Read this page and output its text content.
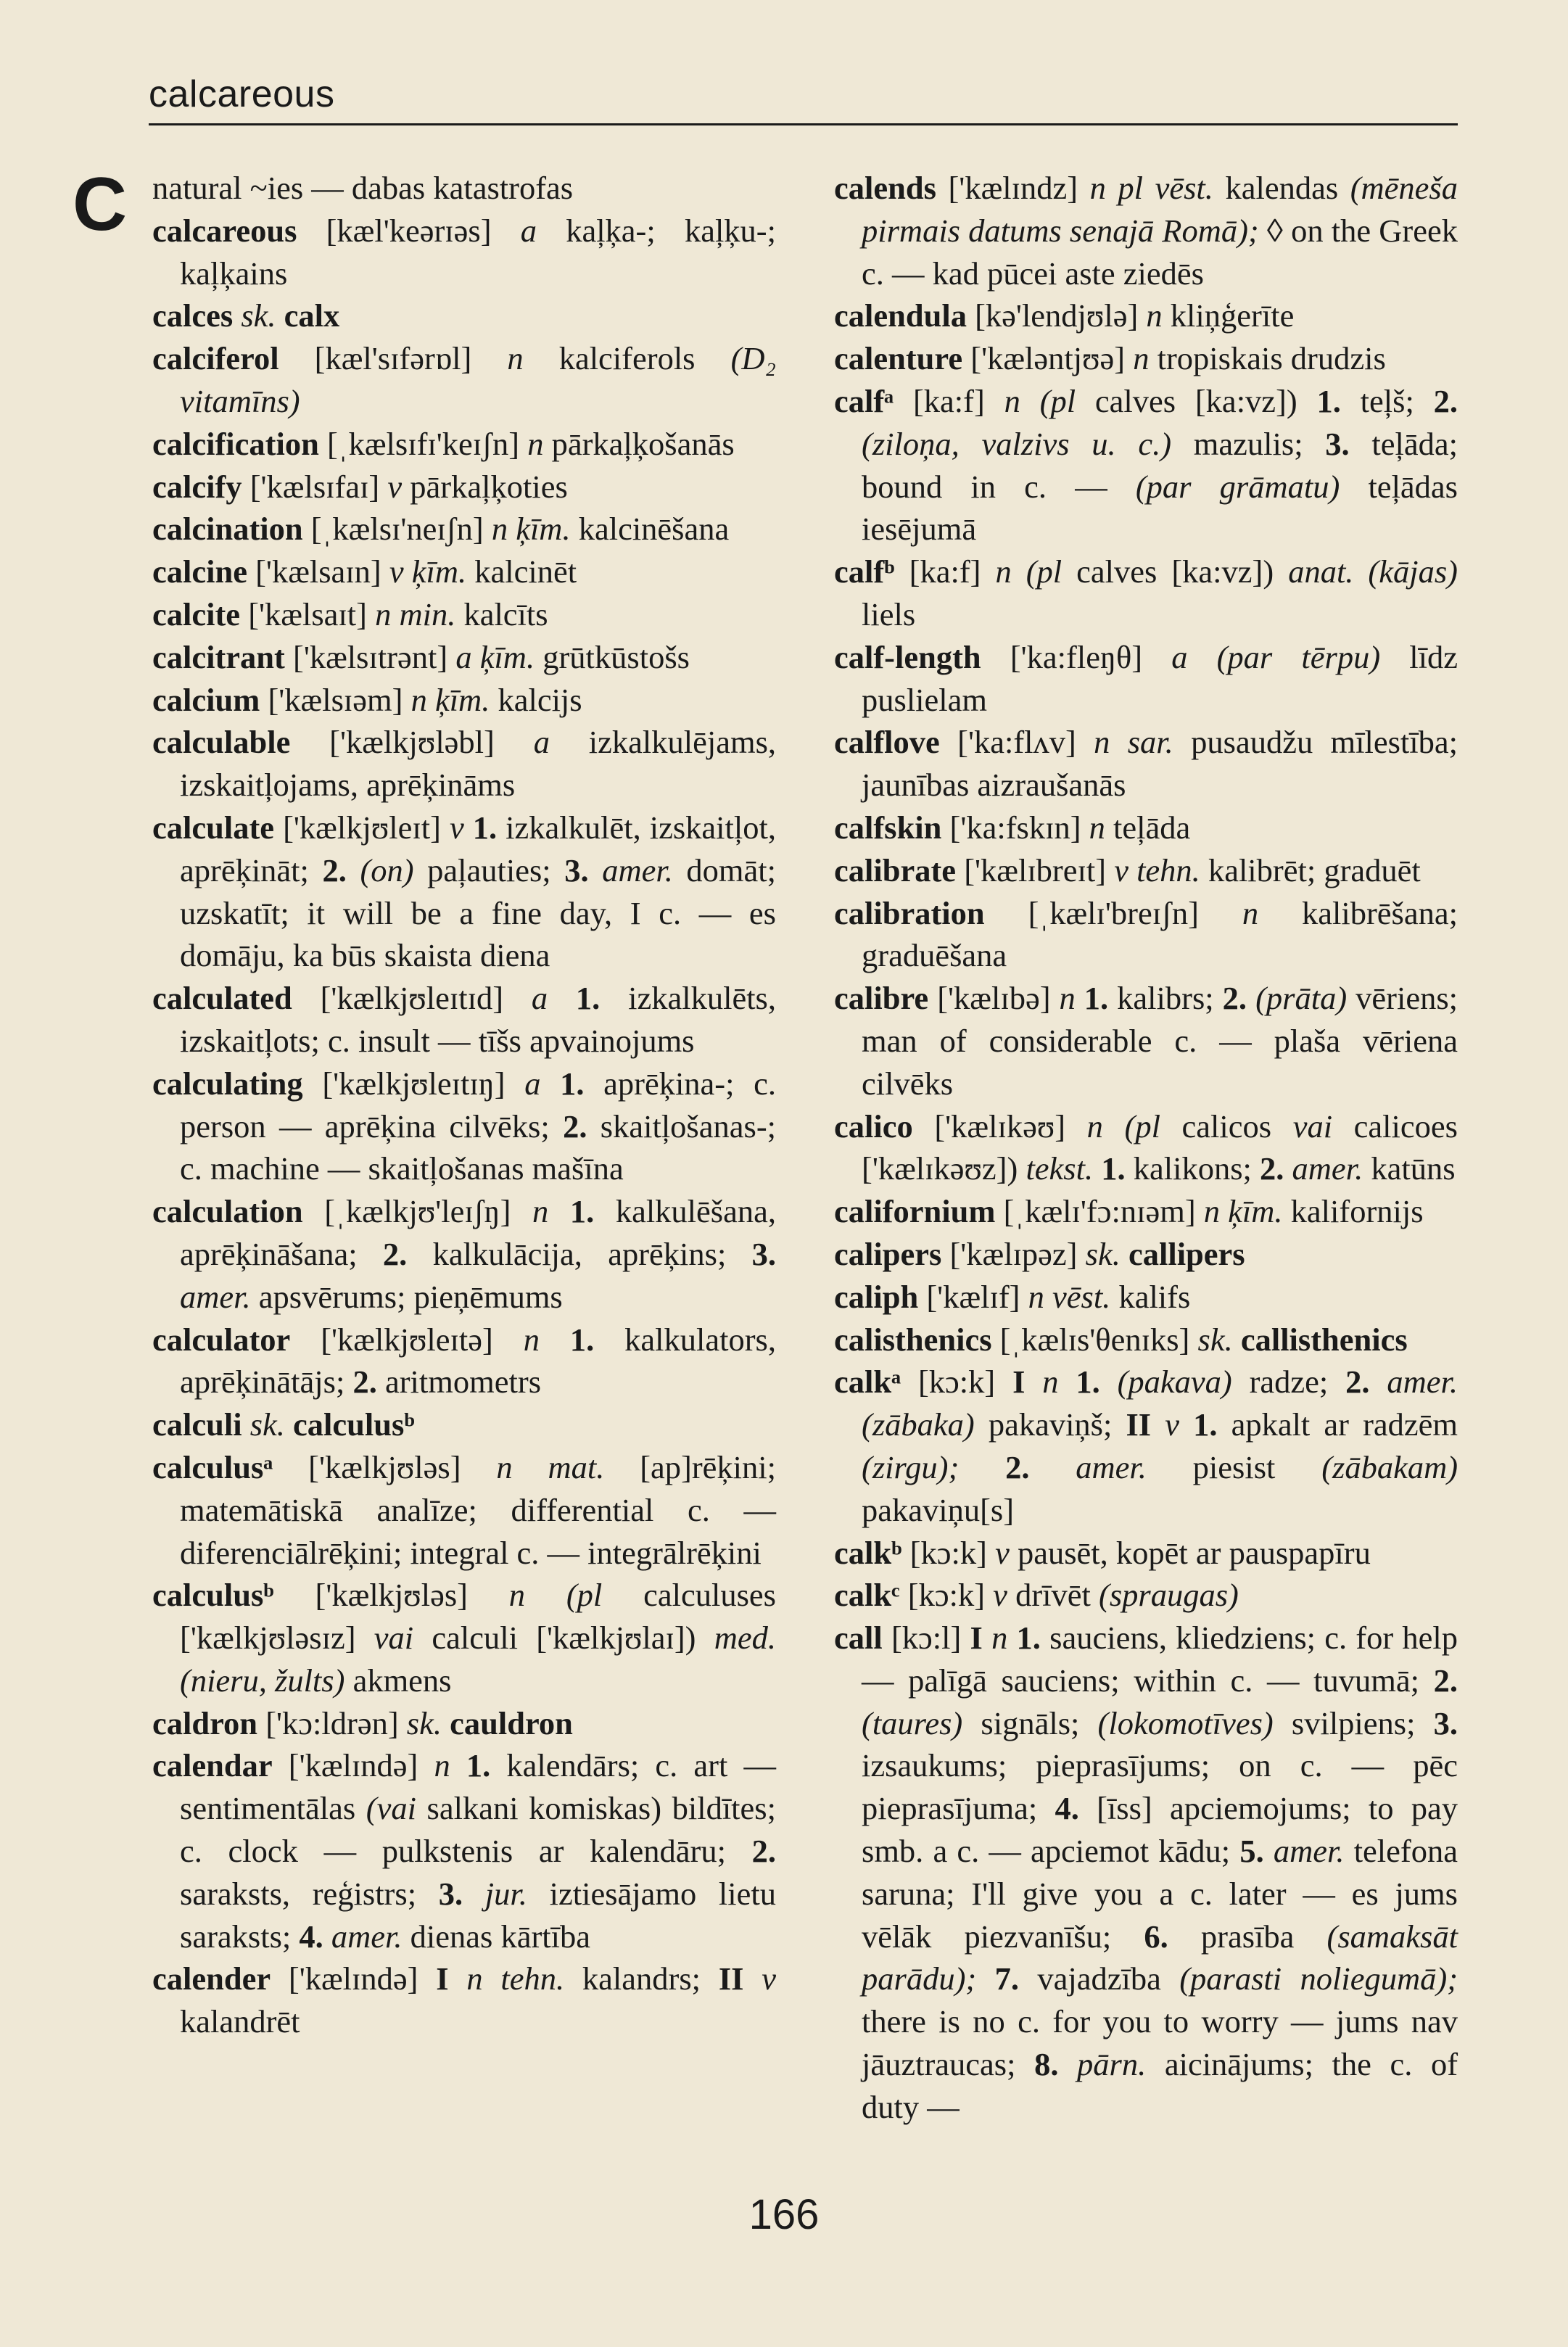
calcareous
C natural ~ies — dabas katastrofas

calcareous [kæl'keərɪəs] a kaļķa-; kaļķu-; kaļķains

calces sk. calx

calciferol [kæl'sɪfərɒl] n kalciferols (D₂ vitamīns)

calcification [ˌkælsɪfɪ'keɪʃn] n pārkaļķošanās

calcify ['kælsɪfaɪ] v pārkaļķoties

calcination [ˌkælsɪ'neɪʃn] n ķīm. kalcinēšana

calcine ['kælsaɪn] v ķīm. kalcinēt

calcite ['kælsaɪt] n min. kalcīts

calcitrant ['kælsɪtrənt] a ķīm. grūtkūstošs

calcium ['kælsɪəm] n ķīm. kalcijs

calculable ['kælkjʊləbl] a izkalkulējams, izskaitļojams, aprēķināms

calculate ['kælkjʊleɪt] v 1. izkalkulēt, izskaitļot, aprēķināt; 2. (on) paļauties; 3. amer. domāt; uzskatīt; it will be a fine day, I c. — es domāju, ka būs skaista diena

calculated ['kælkjʊleɪtɪd] a 1. izkalkulēts, izskaitļots; c. insult — tīšs apvainojums

calculating ['kælkjʊleɪtɪŋ] a 1. aprēķina-; c. person — aprēķina cilvēks; 2. skaitļošanas-; c. machine — skaitļošanas mašīna

calculation [ˌkælkjʊ'leɪʃŋ] n 1. kalkulēšana, aprēķināšana; 2. kalkulācija, aprēķins; 3. amer. apsvērums; pieņēmums

calculator ['kælkjʊleɪtə] n 1. kalkulators, aprēķinātājs; 2. aritmometrs

calculi sk. calculusᵇ

calculusᵃ ['kælkjʊləs] n mat. [ap]rēķini; matemātiskā analīze; differential c. — diferenciālrēķini; integral c. — integrālrēķini

calculusᵇ ['kælkjʊləs] n (pl calculuses ['kælkjʊləsɪz] vai calculi ['kælkjʊlaɪ]) med. (nieru, žults) akmens

caldron ['kɔ:ldrən] sk. cauldron

calendar ['kælɪndə] n 1. kalendārs; c. art — sentimentālas (vai salkani komiskas) bildītes; c. clock — pulkstenis ar kalendāru; 2. saraksts, reģistrs; 3. jur. iztiesājamo lietu saraksts; 4. amer. dienas kārtība

calender ['kælɪndə] I n tehn. kalandrs; II v kalandrēt

calends ['kælɪndz] n pl vēst. kalendas (mēneša pirmais datums senajā Romā); ◊ on the Greek c. — kad pūcei aste ziedēs

calendula [kə'lendjʊlə] n kliņģerīte

calenture ['kæləntjʊə] n tropiskais drudzis

calfᵃ [ka:f] n (pl calves [ka:vz]) 1. teļš; 2. (ziloņa, valzivs u. c.) mazulis; 3. teļāda; bound in c. — (par grāmatu) teļādas iesējumā

calfᵇ [ka:f] n (pl calves [ka:vz]) anat. (kājas) liels

calf-length ['ka:fleŋθ] a (par tērpu) līdz puslielam

calflove ['ka:flʌv] n sar. pusaudžu mīlestība; jaunības aizraušanās

calfskin ['ka:fskɪn] n teļāda

calibrate ['kælɪbreɪt] v tehn. kalibrēt; graduēt

calibration [ˌkælɪ'breɪʃn] n kalibrēšana; graduēšana

calibre ['kælɪbə] n 1. kalibrs; 2. (prāta) vēriens; man of considerable c. — plaša vēriena cilvēks

calico ['kælɪkəʊ] n (pl calicos vai calicoes ['kælɪkəʊz]) tekst. 1. kalikons; 2. amer. katūns

californium [ˌkælɪ'fɔ:nɪəm] n ķīm. kalifornijs

calipers ['kælɪpəz] sk. callipers

caliph ['kælɪf] n vēst. kalifs

calisthenics [ˌkælɪs'θenɪks] sk. callisthenics

calkᵃ [kɔ:k] I n 1. (pakava) radze; 2. amer. (zābaka) pakaviņš; II v 1. apkalt ar radzēm (zirgu); 2. amer. piesist (zābakam) pakaviņu[s]

calkᵇ [kɔ:k] v pausēt, kopēt ar pauspapīru

calkᶜ [kɔ:k] v drīvēt (spraugas)

call [kɔ:l] I n 1. sauciens, kliedziens; c. for help — palīgā sauciens; within c. — tuvumā; 2. (taures) signāls; (lokomotīves) svilpiens; 3. izsaukums; pieprasījums; on c. — pēc pieprasījuma; 4. [īss] apciemojums; to pay smb. a c. — apciemot kādu; 5. amer. telefona saruna; I'll give you a c. later — es jums vēlāk piezvanīšu; 6. prasība (samaksāt parādu); 7. vajadzība (parasti noliegumā); there is no c. for you to worry — jums nav jāuztraucas; 8. pārn. aicinājums; the c. of duty —

166
